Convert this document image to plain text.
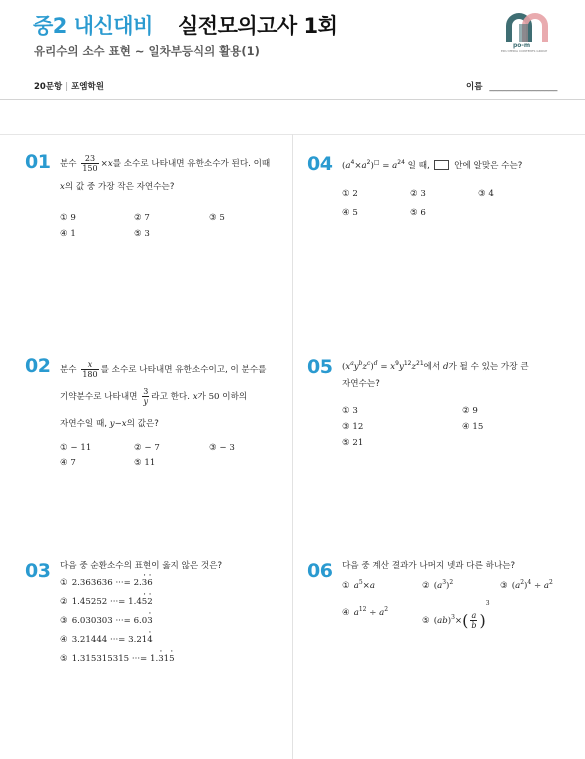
중2 내신대비 실전모의고사 1회
유리수의 소수 표현 ~ 일차부등식의 활용(1)	po-m
EDU MEDIA CONTENTS GROUP
20문항 | 포엠학원	이름 ________________
01 분수 $\frac{23}{150} \times x$를 소수로 나타내면 유한소수가 된다. 이때
x의 값 중 가장 작은 자연수는?
① 9	② 7	③ 5
④ 1	⑤ 3
02 분수 $\frac{x}{180}$ 를 소수로 나타내면 유한소수이고, 이 분수를
기약분수로 나타내면 $\frac{3}{y}$ 라고 한다. x가 50 이하의
자연수일 때, y−x의 값은?
① − 11	② − 7	③ − 3
④ 7	⑤ 11
03 다음 중 순환소수의 표현이 옳지 않은 것은?
① 2.363636 ···= 2.· 3· 6
② 1.45252 ···= 1.4· 5· 2
③ 6.030303 ···= 6.0· 3
④ 3.21444 ···= 3.21· 4
⑤ 1.315315315 ···= 1.· 31· 5
04 $(a^4\times a^2)^□ = a^{24}$ 일 때,  안에 알맞은 수는?
① 2	② 3	③ 4
④ 5	⑤ 6
05 $(x^ay^bz^c)^d = x^9y^{12}z^{21}$에서 d가 될 수 있는 가장 큰
자연수는?
① 3	② 9
③ 12	④ 15
⑤ 21
06 다음 중 계산 결과가 나머지 넷과 다른 하나는?
① $a^5\times a$	② $(a^3)^2$	③ $(a^2)^4 \div a^2$
④ $a^{12} \div a^2$
⑤ $(ab)^3\times( \frac{a}{b} )^3$
